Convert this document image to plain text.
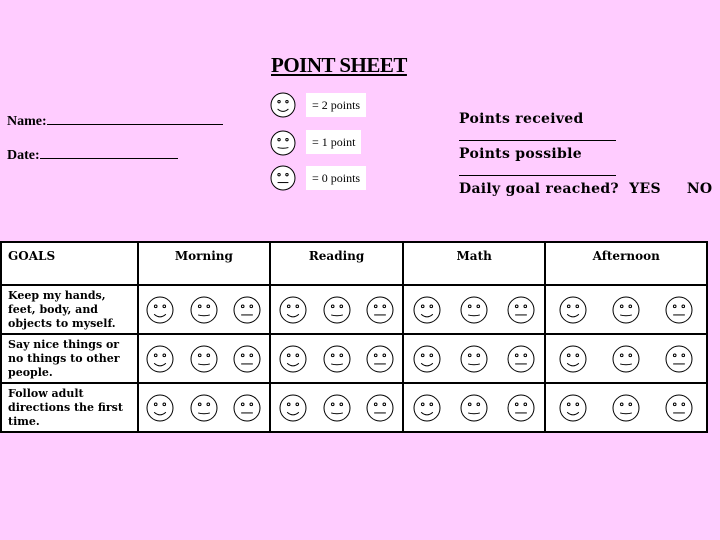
POINT SHEET
Name:
Date:
= 2 points
= 1 point
= 0 points
Points received
Points possible
Daily goal reached? YES NO
GOALS	Morning	Reading	Math	Afternoon

Keep my hands, feet, body, and objects to myself.	

Say nice things or no things to other people.	

Follow adult directions the first time.	
